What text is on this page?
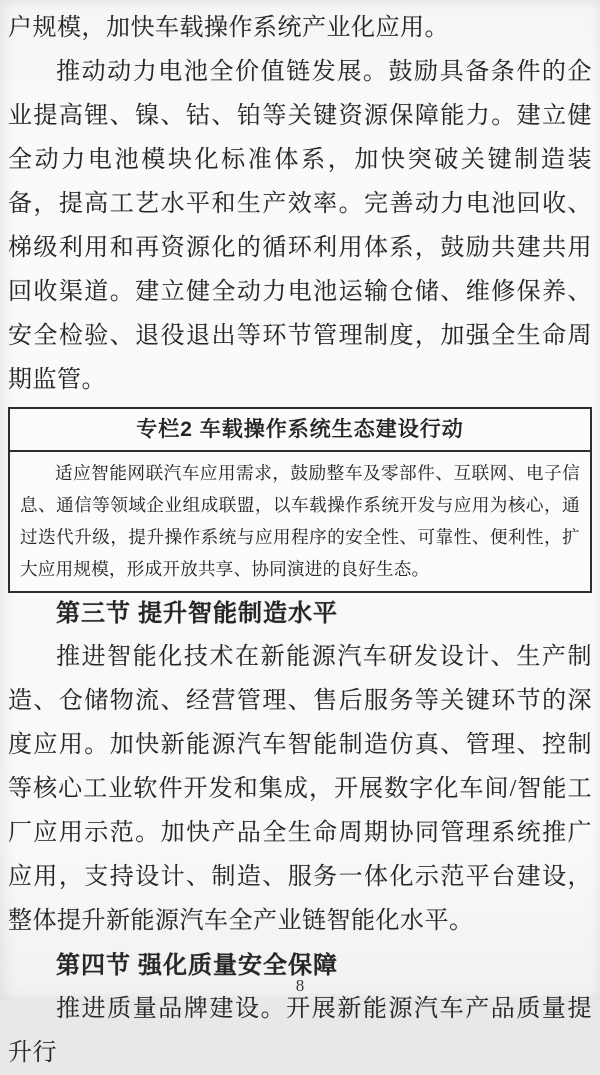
户规模，加快车载操作系统产业化应用。

推动动力电池全价值链发展。鼓励具备条件的企业提高锂、镍、钴、铂等关键资源保障能力。建立健全动力电池模块化标准体系，加快突破关键制造装备，提高工艺水平和生产效率。完善动力电池回收、梯级利用和再资源化的循环利用体系，鼓励共建共用回收渠道。建立健全动力电池运输仓储、维修保养、安全检验、退役退出等环节管理制度，加强全生命周期监管。

专栏2 车载操作系统生态建设行动
适应智能网联汽车应用需求，鼓励整车及零部件、互联网、电子信息、通信等领域企业组成联盟，以车载操作系统开发与应用为核心，通过迭代升级，提升操作系统与应用程序的安全性、可靠性、便利性，扩大应用规模，形成开放共享、协同演进的良好生态。
第三节 提升智能制造水平

推进智能化技术在新能源汽车研发设计、生产制造、仓储物流、经营管理、售后服务等关键环节的深度应用。加快新能源汽车智能制造仿真、管理、控制等核心工业软件开发和集成，开展数字化车间/智能工厂应用示范。加快产品全生命周期协同管理系统推广应用，支持设计、制造、服务一体化示范平台建设，整体提升新能源汽车全产业链智能化水平。

第四节 强化质量安全保障

推进质量品牌建设。开展新能源汽车产品质量提升行

8
